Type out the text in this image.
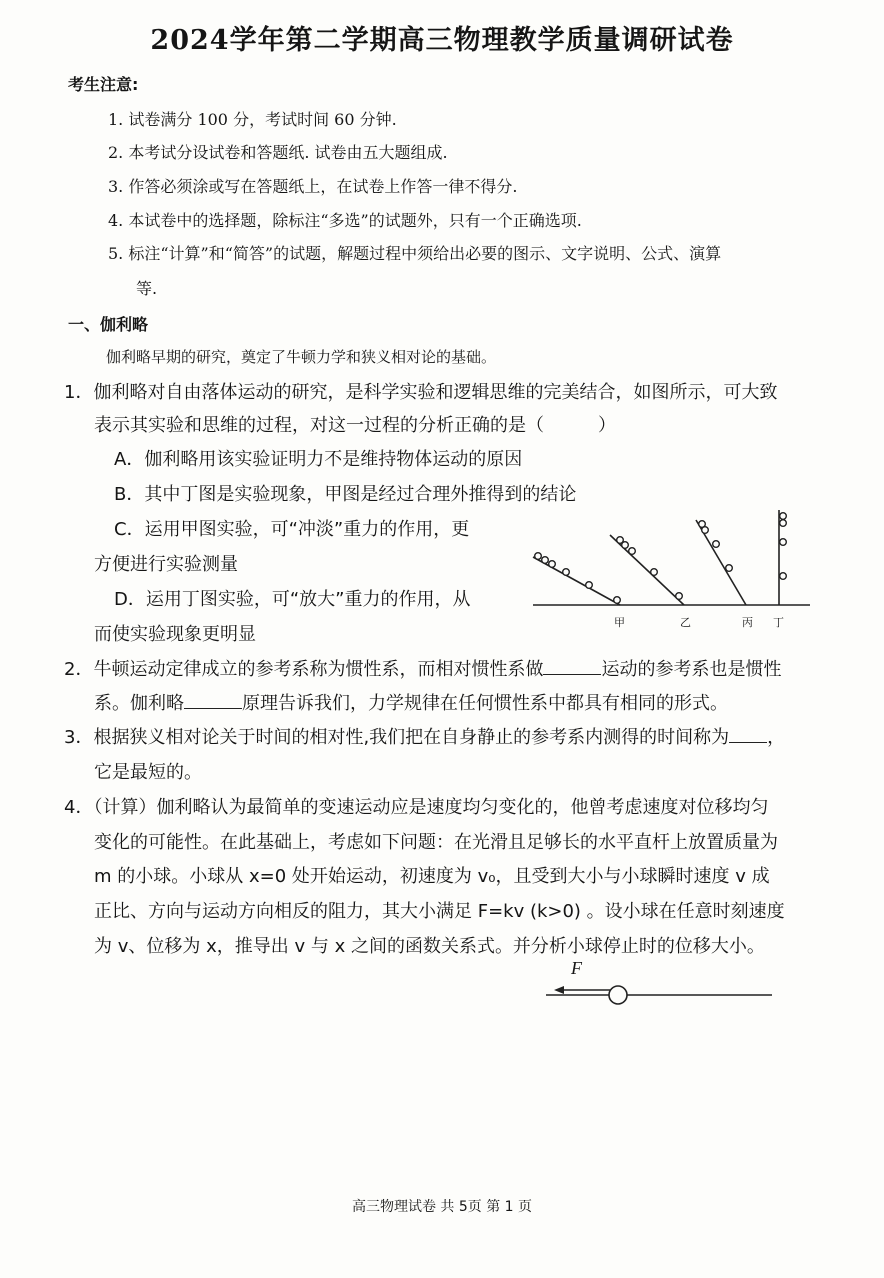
2024学年第二学期高三物理教学质量调研试卷
考生注意:
1. 试卷满分 100 分，考试时间 60 分钟.
2. 本考试分设试卷和答题纸. 试卷由五大题组成.
3. 作答必须涂或写在答题纸上，在试卷上作答一律不得分.
4. 本试卷中的选择题，除标注“多选”的试题外，只有一个正确选项.
5. 标注“计算”和“简答”的试题，解题过程中须给出必要的图示、文字说明、公式、演算
等.
一、伽利略
伽利略早期的研究，奠定了牛顿力学和狭义相对论的基础。
1．伽利略对自由落体运动的研究，是科学实验和逻辑思维的完美结合，如图所示，可大致
表示其实验和思维的过程，对这一过程的分析正确的是（　　　）
A．伽利略用该实验证明力不是维持物体运动的原因
B．其中丁图是实验现象，甲图是经过合理外推得到的结论
C．运用甲图实验，可“冲淡”重力的作用，更
方便进行实验测量
D．运用丁图实验，可“放大”重力的作用，从
而使实验现象更明显
甲	乙	丙 丁
2．牛顿运动定律成立的参考系称为惯性系，而相对惯性系做	运动的参考系也是惯性
系。伽利略	原理告诉我们，力学规律在任何惯性系中都具有相同的形式。
3．根据狭义相对论关于时间的相对性,我们把在自身静止的参考系内测得的时间称为 ，
它是最短的。
4．（计算）伽利略认为最简单的变速运动应是速度均匀变化的，他曾考虑速度对位移均匀
变化的可能性。在此基础上，考虑如下问题：在光滑且足够长的水平直杆上放置质量为
m 的小球。小球从 x=0 处开始运动，初速度为 v₀，且受到大小与小球瞬时速度 v 成
正比、方向与运动方向相反的阻力，其大小满足 F=kv (k>0) 。设小球在任意时刻速度
为 v、位移为 x，推导出 v 与 x 之间的函数关系式。并分析小球停止时的位移大小。
F
高三物理试卷 共 5页 第 1 页
